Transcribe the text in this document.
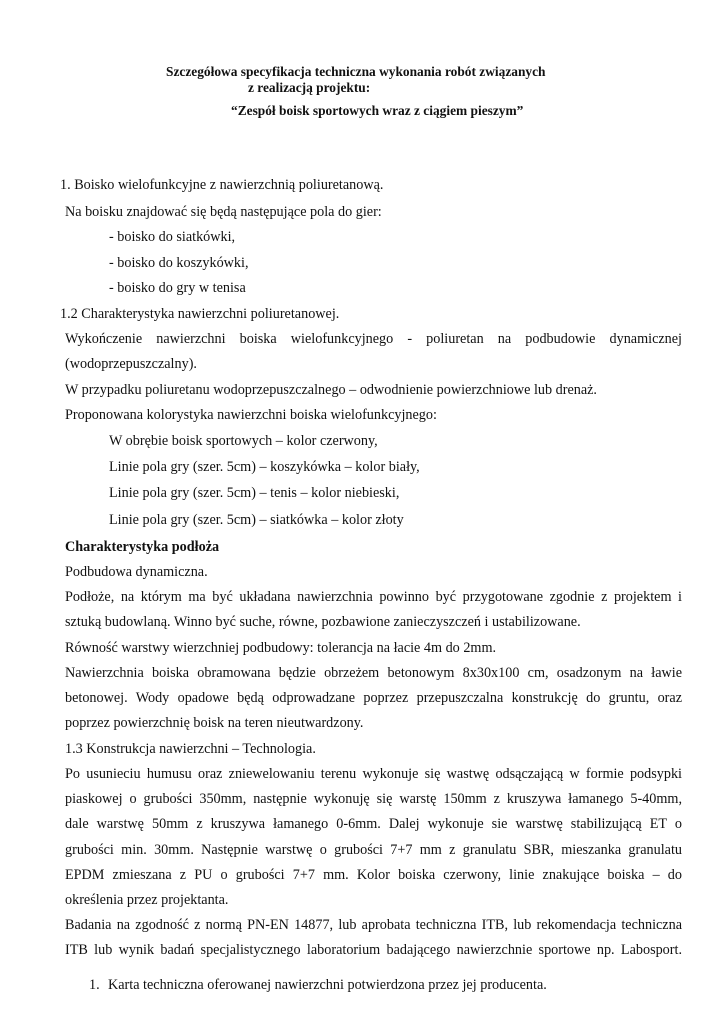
Szczegółowa specyfikacja techniczna wykonania robót związanych
z realizacją projektu:
“Zespół boisk sportowych wraz z ciągiem pieszym”
1. Boisko wielofunkcyjne z nawierzchnią poliuretanową.
Na boisku znajdować się będą następujące pola do gier:
- boisko do siatkówki,
- boisko do koszykówki,
- boisko do gry w tenisa
1.2 Charakterystyka nawierzchni poliuretanowej.
Wykończenie nawierzchni boiska wielofunkcyjnego - poliuretan na podbudowie dynamicznej
(wodoprzepuszczalny).
W przypadku poliuretanu wodoprzepuszczalnego – odwodnienie powierzchniowe lub drenaż.
Proponowana kolorystyka nawierzchni boiska wielofunkcyjnego:
W obrębie boisk sportowych – kolor czerwony,
Linie pola gry (szer. 5cm) – koszykówka – kolor biały,
Linie pola gry (szer. 5cm) – tenis – kolor niebieski,
Linie pola gry (szer. 5cm) – siatkówka – kolor złoty
Charakterystyka podłoża
Podbudowa dynamiczna.
Podłoże, na którym ma być układana nawierzchnia powinno być przygotowane zgodnie z projektem i
sztuką budowlaną. Winno być suche, równe, pozbawione zanieczyszczeń i ustabilizowane.
Równość warstwy wierzchniej podbudowy: tolerancja na łacie 4m do 2mm.
Nawierzchnia boiska obramowana będzie obrzeżem betonowym 8x30x100 cm, osadzonym na ławie
betonowej. Wody opadowe będą odprowadzane poprzez przepuszczalna konstrukcję do gruntu, oraz
poprzez powierzchnię boisk na teren nieutwardzony.
1.3 Konstrukcja nawierzchni – Technologia.
Po usunieciu humusu oraz zniewelowaniu terenu wykonuje się wastwę odsączającą w formie podsypki
piaskowej o grubości 350mm, następnie wykonuję się warstę 150mm z kruszywa łamanego 5-40mm,
dale warstwę 50mm z kruszywa łamanego 0-6mm. Dalej wykonuje sie warstwę stabilizującą ET o
grubości min. 30mm. Następnie warstwę o grubości 7+7 mm z granulatu SBR, mieszanka granulatu
EPDM zmieszana z PU o grubości 7+7 mm. Kolor boiska czerwony, linie znakujące boiska – do
określenia przez projektanta.
Badania na zgodność z normą PN-EN 14877, lub aprobata techniczna ITB, lub rekomendacja techniczna
ITB lub wynik badań specjalistycznego laboratorium badającego nawierzchnie sportowe np. Labosport.
1. Karta techniczna oferowanej nawierzchni potwierdzona przez jej producenta.
